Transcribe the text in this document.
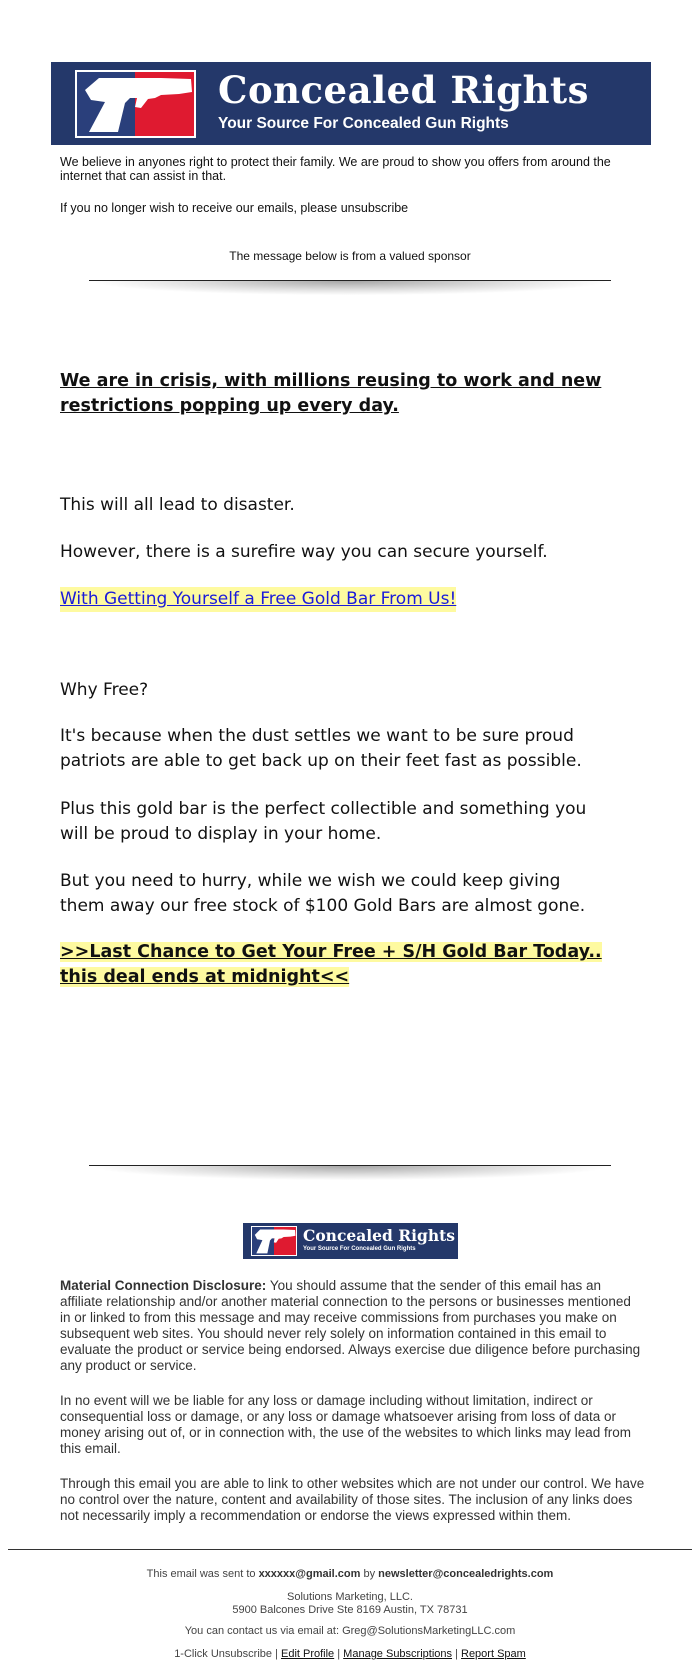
Concealed Rights
Your Source For Concealed Gun Rights
We believe in anyones right to protect their family. We are proud to show you offers from around the internet that can assist in that.
If you no longer wish to receive our emails, please unsubscribe
The message below is from a valued sponsor
We are in crisis, with millions reusing to work and new
restrictions popping up every day.
This will all lead to disaster.
However, there is a surefire way you can secure yourself.
With Getting Yourself a Free Gold Bar From Us!
Why Free?
It's because when the dust settles we want to be sure proud
patriots are able to get back up on their feet fast as possible.
Plus this gold bar is the perfect collectible and something you
will be proud to display in your home.
But you need to hurry, while we wish we could keep giving
them away our free stock of $100 Gold Bars are almost gone.
>>Last Chance to Get Your Free + S/H Gold Bar Today..
this deal ends at midnight<<
Concealed Rights
Your Source For Concealed Gun Rights
Material Connection Disclosure: You should assume that the sender of this email has an affiliate relationship and/or another material connection to the persons or businesses mentioned in or linked to from this message and may receive commissions from purchases you make on subsequent web sites. You should never rely solely on information contained in this email to evaluate the product or service being endorsed. Always exercise due diligence before purchasing any product or service.
In no event will we be liable for any loss or damage including without limitation, indirect or consequential loss or damage, or any loss or damage whatsoever arising from loss of data or money arising out of, or in connection with, the use of the websites to which links may lead from this email.
Through this email you are able to link to other websites which are not under our control. We have no control over the nature, content and availability of those sites. The inclusion of any links does not necessarily imply a recommendation or endorse the views expressed within them.
This email was sent to xxxxxx@gmail.com by newsletter@concealedrights.com
Solutions Marketing, LLC.
5900 Balcones Drive Ste 8169 Austin, TX 78731
You can contact us via email at: Greg@SolutionsMarketingLLC.com
1-Click Unsubscribe | Edit Profile | Manage Subscriptions | Report Spam
